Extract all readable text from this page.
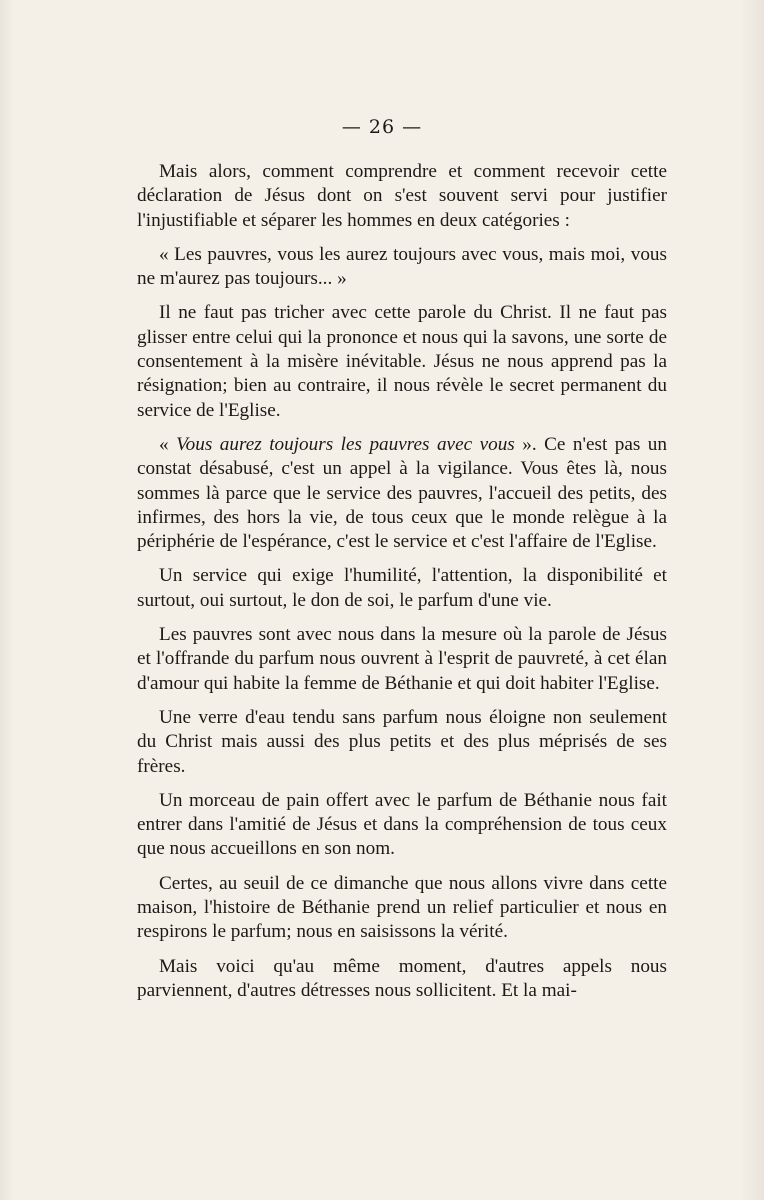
— 26 —

Mais alors, comment comprendre et comment recevoir cette déclaration de Jésus dont on s'est souvent servi pour justifier l'injustifiable et séparer les hommes en deux catégories :

« Les pauvres, vous les aurez toujours avec vous, mais moi, vous ne m'aurez pas toujours... »

Il ne faut pas tricher avec cette parole du Christ. Il ne faut pas glisser entre celui qui la prononce et nous qui la savons, une sorte de consentement à la misère inévitable. Jésus ne nous apprend pas la résignation; bien au contraire, il nous révèle le secret permanent du service de l'Eglise.

« Vous aurez toujours les pauvres avec vous ». Ce n'est pas un constat désabusé, c'est un appel à la vigilance. Vous êtes là, nous sommes là parce que le service des pauvres, l'accueil des petits, des infirmes, des hors la vie, de tous ceux que le monde relègue à la périphérie de l'espérance, c'est le service et c'est l'affaire de l'Eglise.

Un service qui exige l'humilité, l'attention, la disponibilité et surtout, oui surtout, le don de soi, le parfum d'une vie.

Les pauvres sont avec nous dans la mesure où la parole de Jésus et l'offrande du parfum nous ouvrent à l'esprit de pauvreté, à cet élan d'amour qui habite la femme de Béthanie et qui doit habiter l'Eglise.

Une verre d'eau tendu sans parfum nous éloigne non seulement du Christ mais aussi des plus petits et des plus méprisés de ses frères.

Un morceau de pain offert avec le parfum de Béthanie nous fait entrer dans l'amitié de Jésus et dans la compréhension de tous ceux que nous accueillons en son nom.

Certes, au seuil de ce dimanche que nous allons vivre dans cette maison, l'histoire de Béthanie prend un relief particulier et nous en respirons le parfum; nous en saisissons la vérité.

Mais voici qu'au même moment, d'autres appels nous parviennent, d'autres détresses nous sollicitent. Et la mai-
